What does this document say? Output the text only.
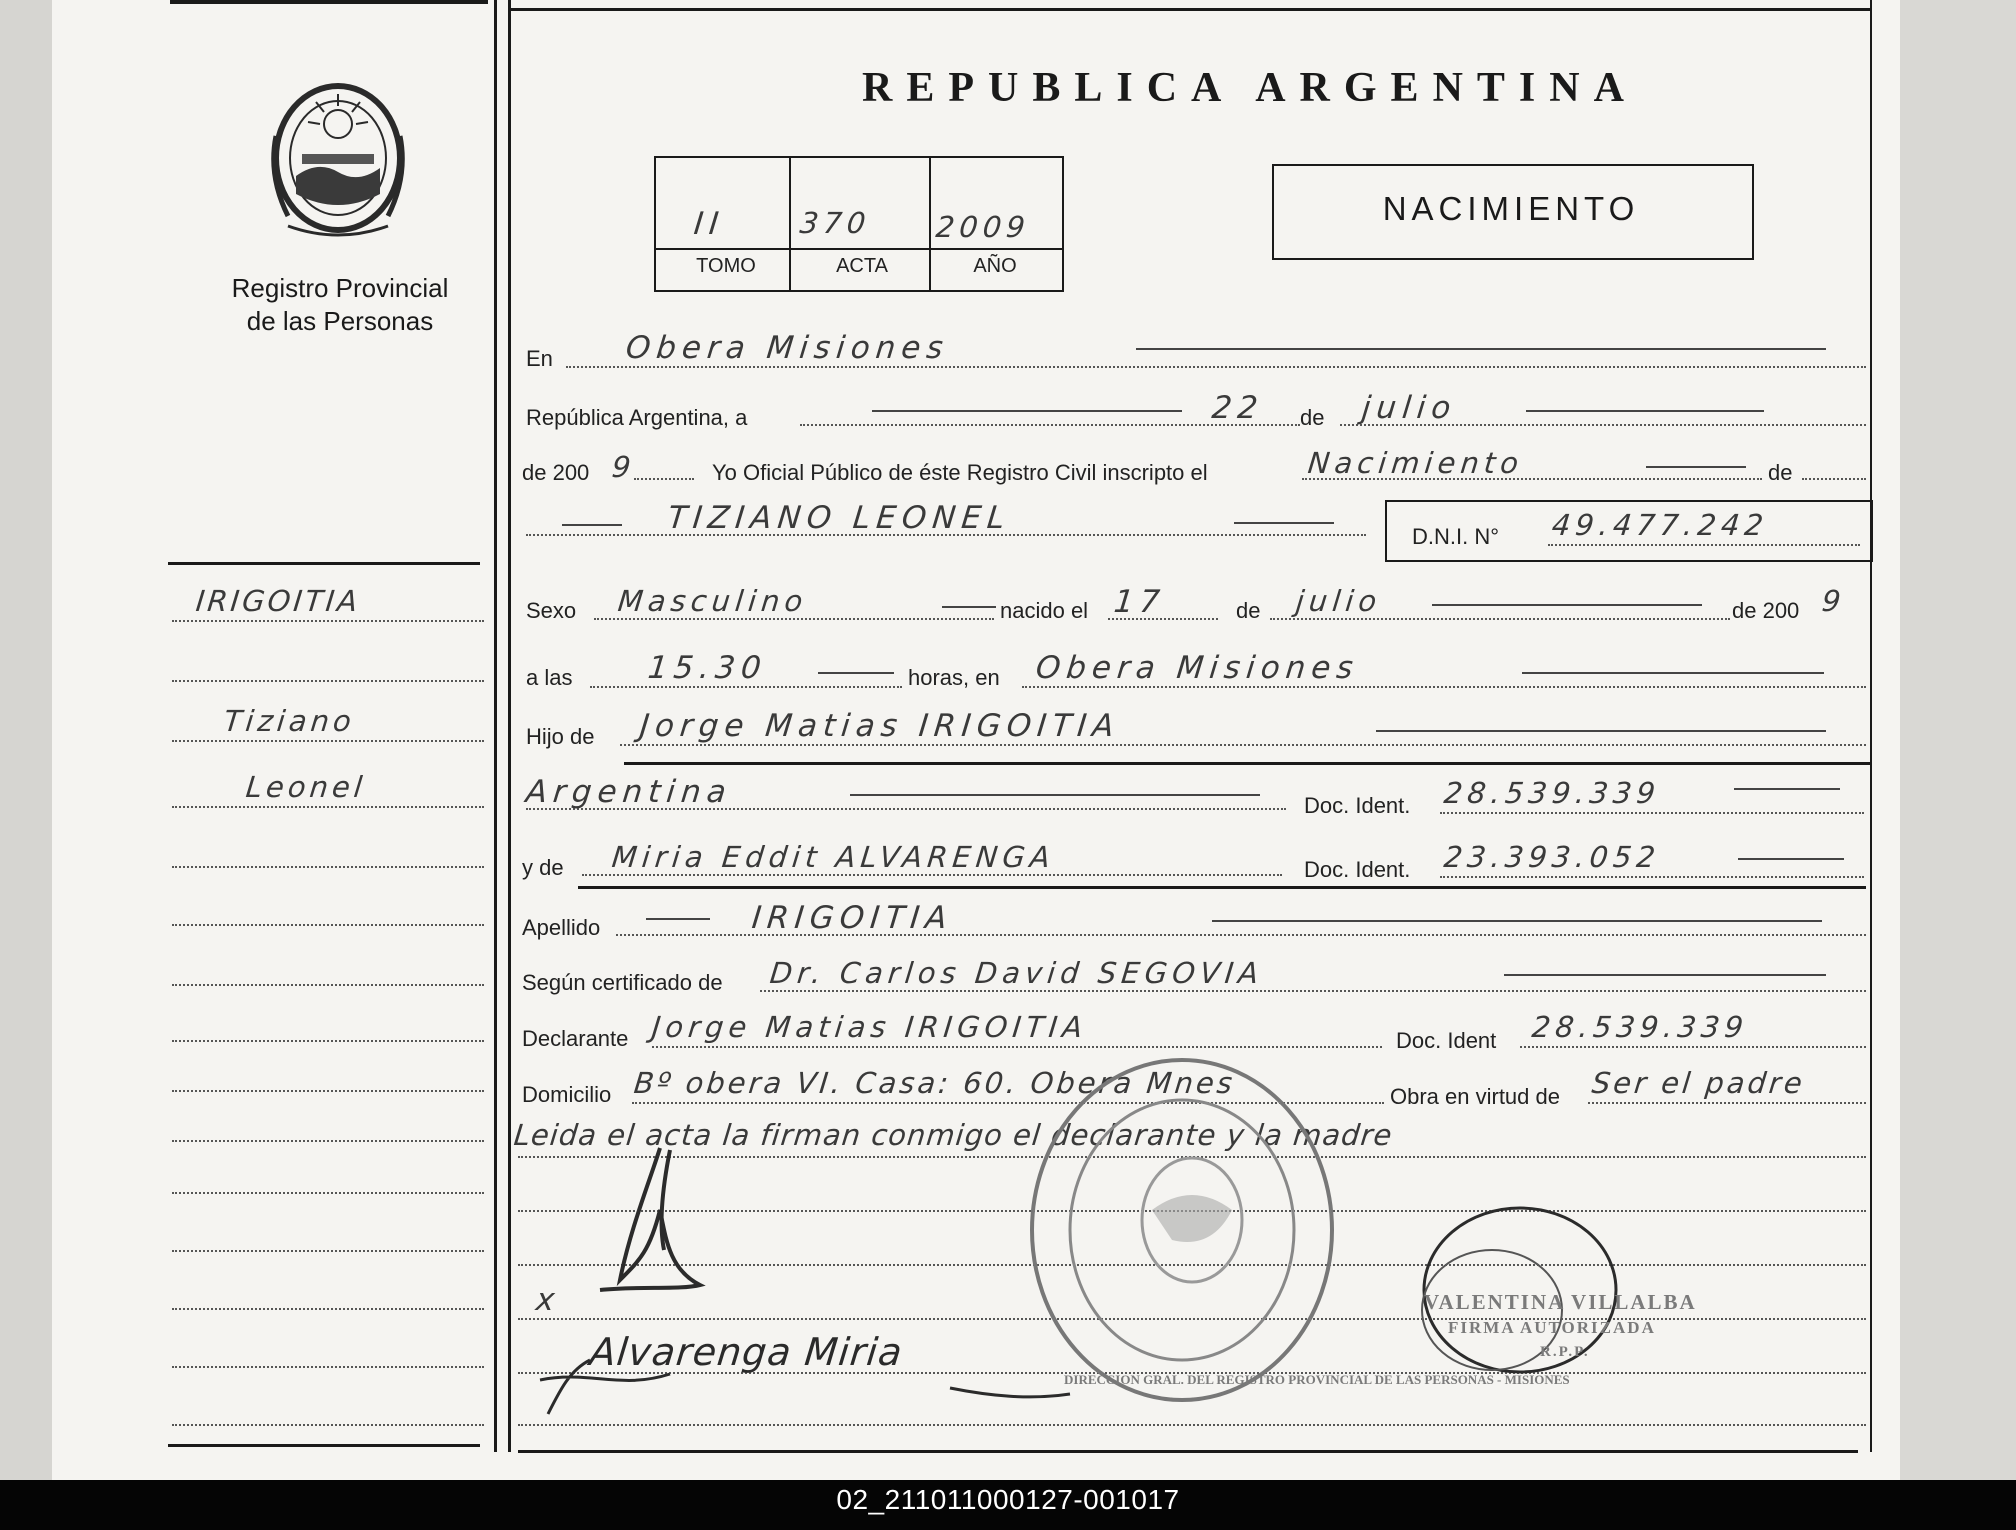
Registro Provincial
de las Personas
REPUBLICA ARGENTINA
II 370 2009
TOMO	ACTA	AÑO
NACIMIENTO
En Obera Misiones
República Argentina, a	22 de julio
de 200 9	Yo Oficial Público de éste Registro Civil inscripto el	Nacimiento	de
TIZIANO LEONEL
D.N.I. N° 49.477.242
Sexo Masculino	nacido el 17	de julio	de 200 9
a las 15.30	horas, en Obera Misiones
Hijo de Jorge Matias IRIGOITIA
Argentina	Doc. Ident. 28.539.339
y de Miria Eddit ALVARENGA	Doc. Ident. 23.393.052
Apellido	IRIGOITIA
Según certificado de Dr. Carlos David SEGOVIA
Declarante Jorge Matias IRIGOITIA	Doc. Ident 28.539.339
Domicilio Bº obera VI. Casa: 60. Obera Mnes	Obra en virtud de Ser el padre
Leida el acta la firman conmigo el declarante y la madre
IRIGOITIA
Tiziano
Leonel
x
Alvarenga Miria
DIRECCION GRAL. DEL REGISTRO PROVINCIAL DE LAS PERSONAS - MISIONES
VALENTINA VILLALBA
FIRMA AUTORIZADA
R.P.P.
02_211011000127-001017
